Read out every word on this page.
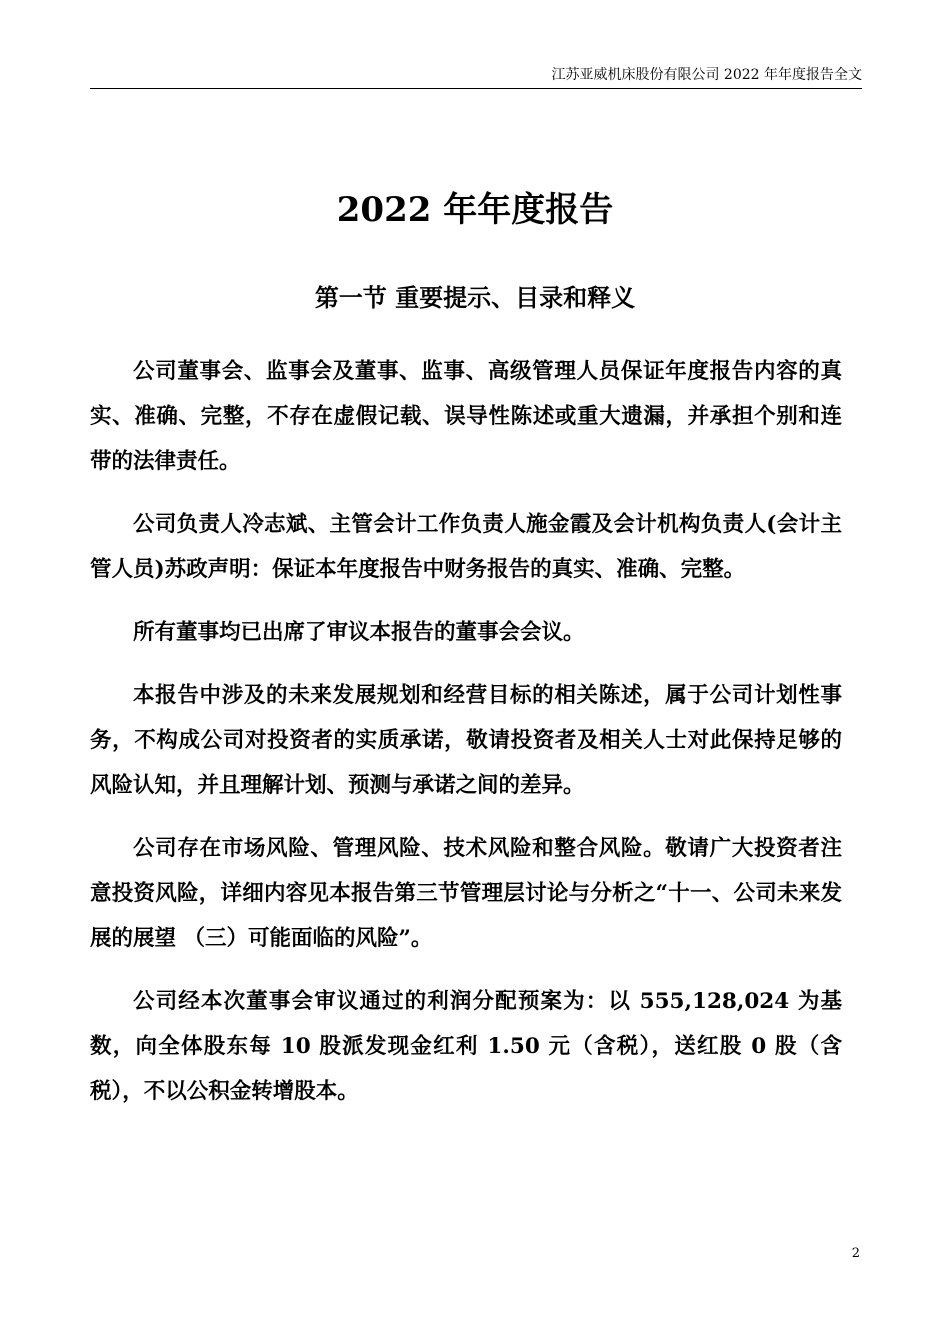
江苏亚威机床股份有限公司 2022 年年度报告全文
2022 年年度报告
第一节 重要提示、目录和释义

公司董事会、监事会及董事、监事、高级管理人员保证年度报告内容的真实、准确、完整，不存在虚假记载、误导性陈述或重大遗漏，并承担个别和连带的法律责任。

公司负责人冷志斌、主管会计工作负责人施金霞及会计机构负责人(会计主管人员)苏政声明：保证本年度报告中财务报告的真实、准确、完整。

所有董事均已出席了审议本报告的董事会会议。

本报告中涉及的未来发展规划和经营目标的相关陈述，属于公司计划性事务，不构成公司对投资者的实质承诺，敬请投资者及相关人士对此保持足够的风险认知，并且理解计划、预测与承诺之间的差异。

公司存在市场风险、管理风险、技术风险和整合风险。敬请广大投资者注意投资风险，详细内容见本报告第三节管理层讨论与分析之“十一、公司未来发展的展望 （三）可能面临的风险”。

公司经本次董事会审议通过的利润分配预案为：以 555,128,024 为基数，向全体股东每 10 股派发现金红利 1.50 元（含税），送红股 0 股（含税），不以公积金转增股本。

2
